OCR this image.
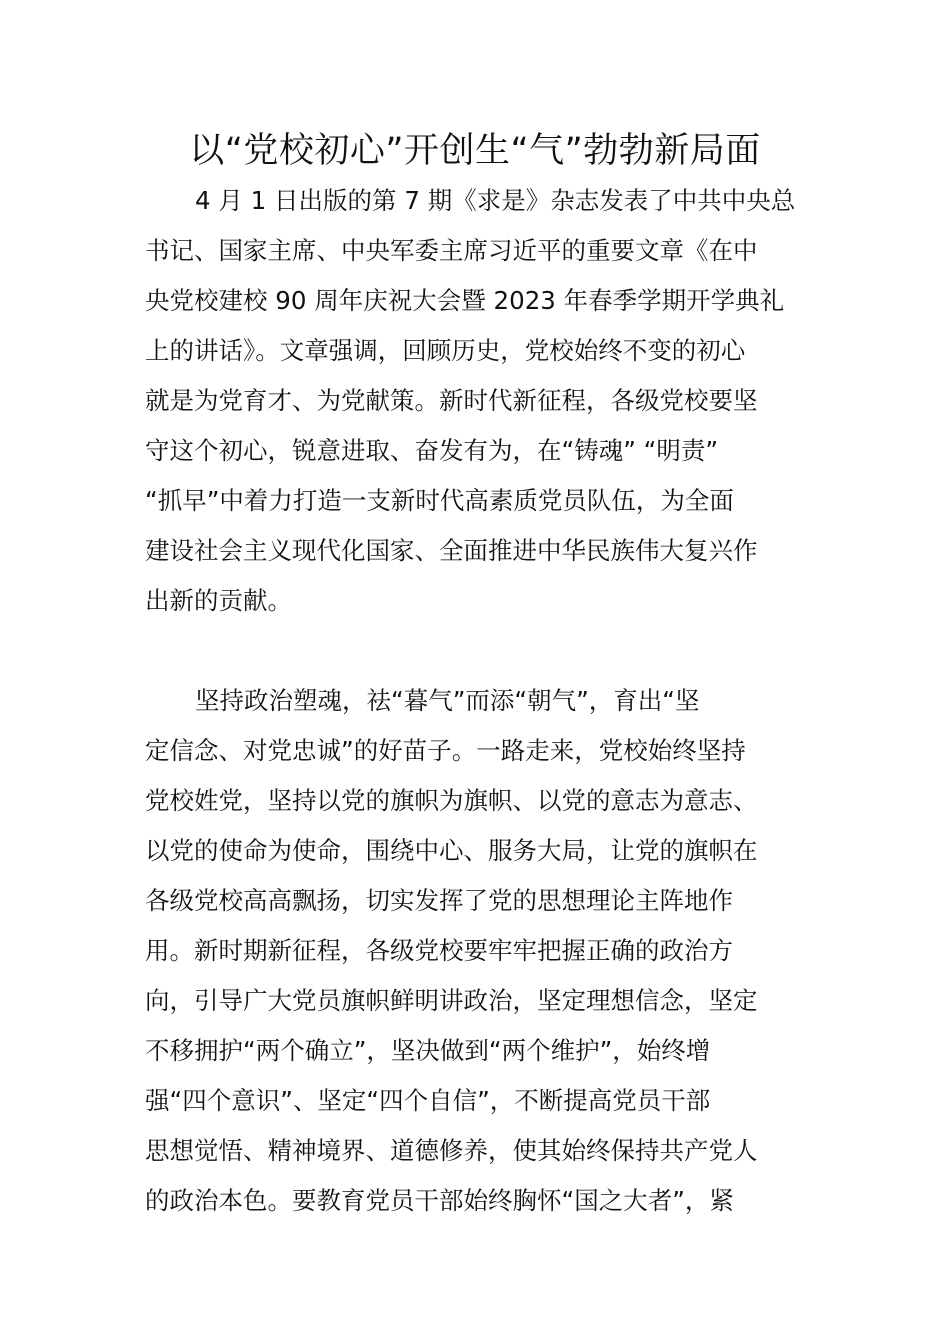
以“党校初心”开创生“气”勃勃新局面
4 月 1 日出版的第 7 期《求是》杂志发表了中共中央总
书记、国家主席、中央军委主席习近平的重要文章《在中
央党校建校 90 周年庆祝大会暨 2023 年春季学期开学典礼
上的讲话》。文章强调，回顾历史，党校始终不变的初心
就是为党育才、为党献策。新时代新征程，各级党校要坚
守这个初心，锐意进取、奋发有为，在“铸魂” “明责”
“抓早”中着力打造一支新时代高素质党员队伍，为全面
建设社会主义现代化国家、全面推进中华民族伟大复兴作
出新的贡献。
坚持政治塑魂，祛“暮气”而添“朝气”，育出“坚
定信念、对党忠诚”的好苗子。一路走来，党校始终坚持
党校姓党，坚持以党的旗帜为旗帜、以党的意志为意志、
以党的使命为使命，围绕中心、服务大局，让党的旗帜在
各级党校高高飘扬，切实发挥了党的思想理论主阵地作
用。新时期新征程，各级党校要牢牢把握正确的政治方
向，引导广大党员旗帜鲜明讲政治，坚定理想信念，坚定
不移拥护“两个确立”，坚决做到“两个维护”，始终增
强“四个意识”、坚定“四个自信”，不断提高党员干部
思想觉悟、精神境界、道德修养，使其始终保持共产党人
的政治本色。要教育党员干部始终胸怀“国之大者”，紧
